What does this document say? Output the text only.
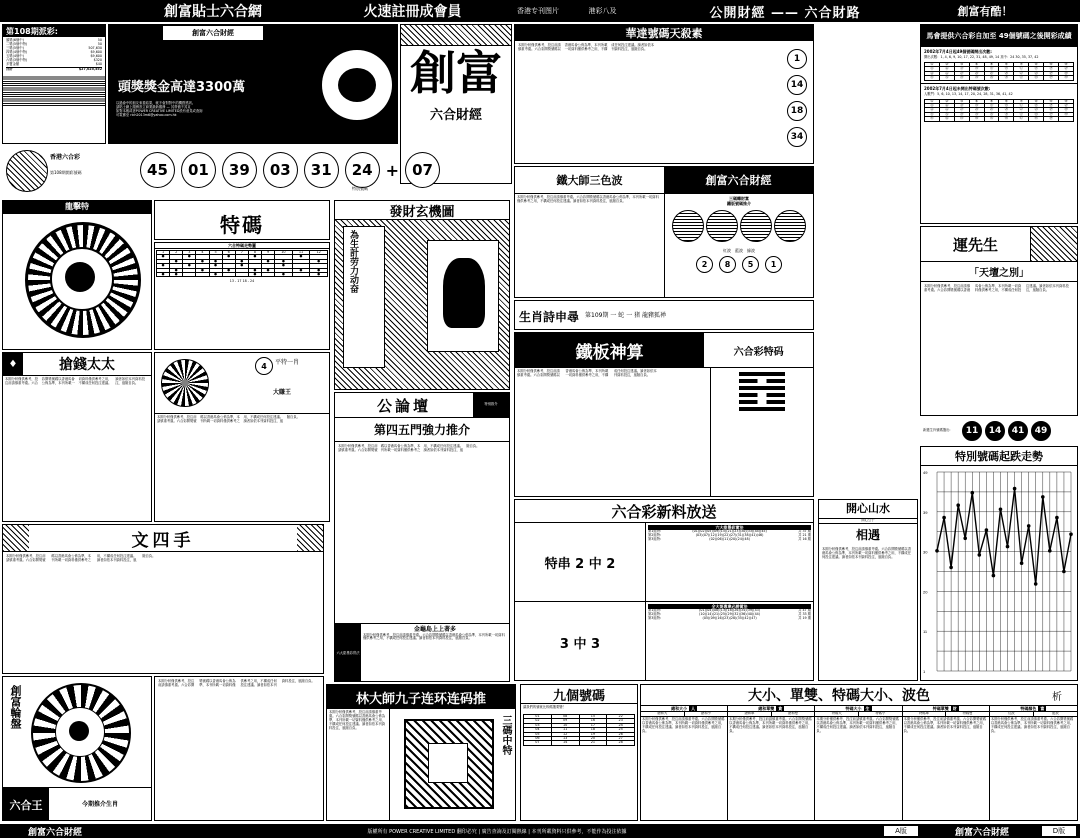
創富貼士六合網	火速註冊成會員	香港专刊图片	港彩八及	公開財經 —— 六合財路	創富有酷！
第108期派彩:
頭獎(6個中)	50
二獎(5個中特)	50
三獎(5個中)	507,630
四獎(4個中特)	$9,600
五獎(4個中)	$9,600
六獎(3個中特)	$320
多寶金額	$40
合計	$27,025,552
創富六合財經
頭獎獎金高達3300萬
以過會中的朋友來看結果，就不會對對中的機感感到。
請貼士網上服務設立商業最新服務 — 其實億不其克
如對本報或者POWER CREATIVE LIMITED設有意見或查詢
可電郵至 rich2013m6@yahoo.com.hk
創富
六合財經
華達號碼天殺素
本期分析僅供參考，投注前請慎重考慮。六合彩開獎號碼以香港馬會公佈為準，本刊所載一切資料僅供參考之用，不構成任何投注建議。讀者如依本刊資料投注，風險自負。
1
14
18
34
馬會提供六合彩自加至 49個號碼之後開彩成績
2002年7月4日起49個號碼開出次數:
開出次數：1, 4, 6, 9, 10, 17, 22, 31, 48, 49, 14 其中：24 30, 35, 37, 42
①	②	③	④	⑤	⑥	⑦	⑧	⑨	⑩
⑪	⑫	⑬	⑭	⑮	⑯	⑰	⑱	⑲	⑳
㉑	㉒	㉓	㉔	㉕	㉖	㉗	㉘	㉙	㉚
㉛	㉜	㉝	㉞	㉟	㊱	㊲	㊳	㊴	㊵
2002年7月4日起未開出特碼號次數:
人數門：5, 6, 10, 13, 14, 17, 20, 24, 28, 31, 36, 41, 42
①	②	③	④	⑤	⑥	⑦	⑧	⑨	⑩
⑪	⑫	⑬	⑭	⑮	⑯	⑰	⑱	⑲	⑳
㉑	㉒	㉓	㉔	㉕	㉖	㉗	㉘	㉙	㉚
㉛	㉜	㉝	㉞	㉟	㊱	㊲	㊳	㊴	㊵
㊶	㊷	㊸	㊹	㊺	㊻	㊼	㊽	㊾	
香港六合彩
第108期開彩號碼	45	01	39	03	31	24 + 07
特別號碼
鐵大師三色波	創富六合財經
本期分析僅供參考，投注前請慎重考慮。六合彩開獎號碼以香港馬會公佈為準，本刊所載一切資料僅供參考之用，不構成任何投注建議。讀者如依本刊資料投注，風險自負。	三碼轉財富
鐵版號碼推介
紅波 藍波 綠波
2	8	5	1
龍擊特
特碼
六合特碼走勢圖
1	2	3	4	5	6	7	8	9	10	11	12
●		●			●		●			●	
	●		●	●		●		●	●		●
●		●		●		●			●		
	●		●		●		●	●		●	●
●	●			●			●		●		●
13 - 17 18 - 24
發財玄機圖
為生計劳力动奋
生肖詩申尋 第109期 一 蛇 一 猪 龍豬狐禅
鐵板神算	六合彩特码
本期分析僅供參考，投注前請慎重考慮。六合彩開獎號碼以香港馬會公佈為準，本刊所載一切資料僅供參考之用，不構成任何投注建議。讀者如依本刊資料投注，風險自負。
運先生
「天壇之別」
本期分析僅供參考，投注前請慎重考慮。六合彩開獎號碼以香港馬會公佈為準，本刊所載一切資料僅供參考之用，不構成任何投注建議。讀者如依本刊資料投注，風險自負。
新選生肖號碼選出:	11	14	41	49
特別號碼起跌走勢
49
39
30
20
11
1
♦	搶錢太太
本期分析僅供參考，投注前請慎重考慮。六合彩開獎號碼以香港馬會公佈為準，本刊所載一切資料僅供參考之用，不構成任何投注建議。讀者如依本刊資料投注，風險自負。
文四手
本期分析僅供參考，投注前請慎重考慮。六合彩開獎號碼以香港馬會公佈為準，本刊所載一切資料僅供參考之用，不構成任何投注建議。讀者如依本刊資料投注，風險自負。
4	平特一肖
大賺王
本期分析僅供參考，投注前請慎重考慮。六合彩開獎號碼以香港馬會公佈為準，本刊所載一切資料僅供參考之用，不構成任何投注建議。讀者如依本刊資料投注，風險自負。
公論壇	特别推介
第四五門強力推介
本期分析僅供參考，投注前請慎重考慮。六合彩開獎號碼以香港馬會公佈為準，本刊所載一切資料僅供參考之用，不構成任何投注建議。讀者如依本刊資料投注，風險自負。
六大甜墨彩實法
金龜島上上著多
本期分析僅供參考，投注前請慎重考慮。六合彩開獎號碼以香港馬會公佈為準，本刊所載一切資料僅供參考之用，不構成任何投注建議。讀者如依本刊資料投注，風險自負。
六合彩新料放送
特串 2 中 2
六大甜墨彩實法
第1組特:	(01)(02)(05)(09)(15)(21)(23)(30)(33)(44)(45)	共 37 期
第2組特:	(03)(07)(12)(19)(22)(27)(31)(38)(41)(46)	共 21 期
第3組特:	(02)(06)(11)(20)(24)(48)	共 16 期
3 中 3
全大斑專業必勝賞法
第1組特:	(01)(04)(08)(13)(18)(26)(34)(39)(43)	共 47 期
第2組特:	(10)(14)(21)(25)(29)(32)(36)(40)(44)	共 33 期
第3組特:	(05)(09)(16)(23)(28)(35)(42)(47)	共 19 期
開心山水
開心公子
相遇
本期分析僅供參考，投注前請慎重考慮。六合彩開獎號碼以香港馬會公佈為準，本刊所載一切資料僅供參考之用，不構成任何投注建議。讀者如依本刊資料投注，風險自負。
創富輪盤
六合王	今期推介生肖
本期分析僅供參考，投注前請慎重考慮。六合彩開獎號碼以香港馬會公佈為準，本刊所載一切資料僅供參考之用，不構成任何投注建議。讀者如依本刊資料投注，風險自負。
林大師九子连环连码推
本期分析僅供參考，投注前請慎重考慮。六合彩開獎號碼以香港馬會公佈為準，本刊所載一切資料僅供參考之用，不構成任何投注建議。讀者如依本刊資料投注，風險自負。	三碼中特
九個號碼
讓我們的號就比較碼選要變！
01	08	15	22
02	09	16	23
03	10	17	24
04	11	18	25
05	12	19	26
06	13	20	27
07	14	21	28
大小、單雙、特碼大小、波色	析
總和大小	人
總和大	總和小
本期分析僅供參考，投注前請慎重考慮。六合彩開獎號碼以香港馬會公佈為準，本刊所載一切資料僅供參考之用，不構成任何投注建議。讀者如依本刊資料投注，風險自負。
總和單雙	貪
總和單	總和雙
本期分析僅供參考，投注前請慎重考慮。六合彩開獎號碼以香港馬會公佈為準，本刊所載一切資料僅供參考之用，不構成任何投注建議。讀者如依本刊資料投注，風險自負。
特碼大小	生
特碼大	特碼小
本期分析僅供參考，投注前請慎重考慮。六合彩開獎號碼以香港馬會公佈為準，本刊所載一切資料僅供參考之用，不構成任何投注建議。讀者如依本刊資料投注，風險自負。
特碼單雙	財
特碼單	特碼雙
本期分析僅供參考，投注前請慎重考慮。六合彩開獎號碼以香港馬會公佈為準，本刊所載一切資料僅供參考之用，不構成任何投注建議。讀者如依本刊資料投注，風險自負。
特碼顏色	富
紅波	藍波
本期分析僅供參考，投注前請慎重考慮。六合彩開獎號碼以香港馬會公佈為準，本刊所載一切資料僅供參考之用，不構成任何投注建議。讀者如依本刊資料投注，風險自負。
創富六合財經	版權所有 POWER CREATIVE LIMITED 翻印必究 | 廣告查詢及訂閱熱線 | 本刊所載資料只供參考，不能作為投注依據	A版	創富六合財經	D版
